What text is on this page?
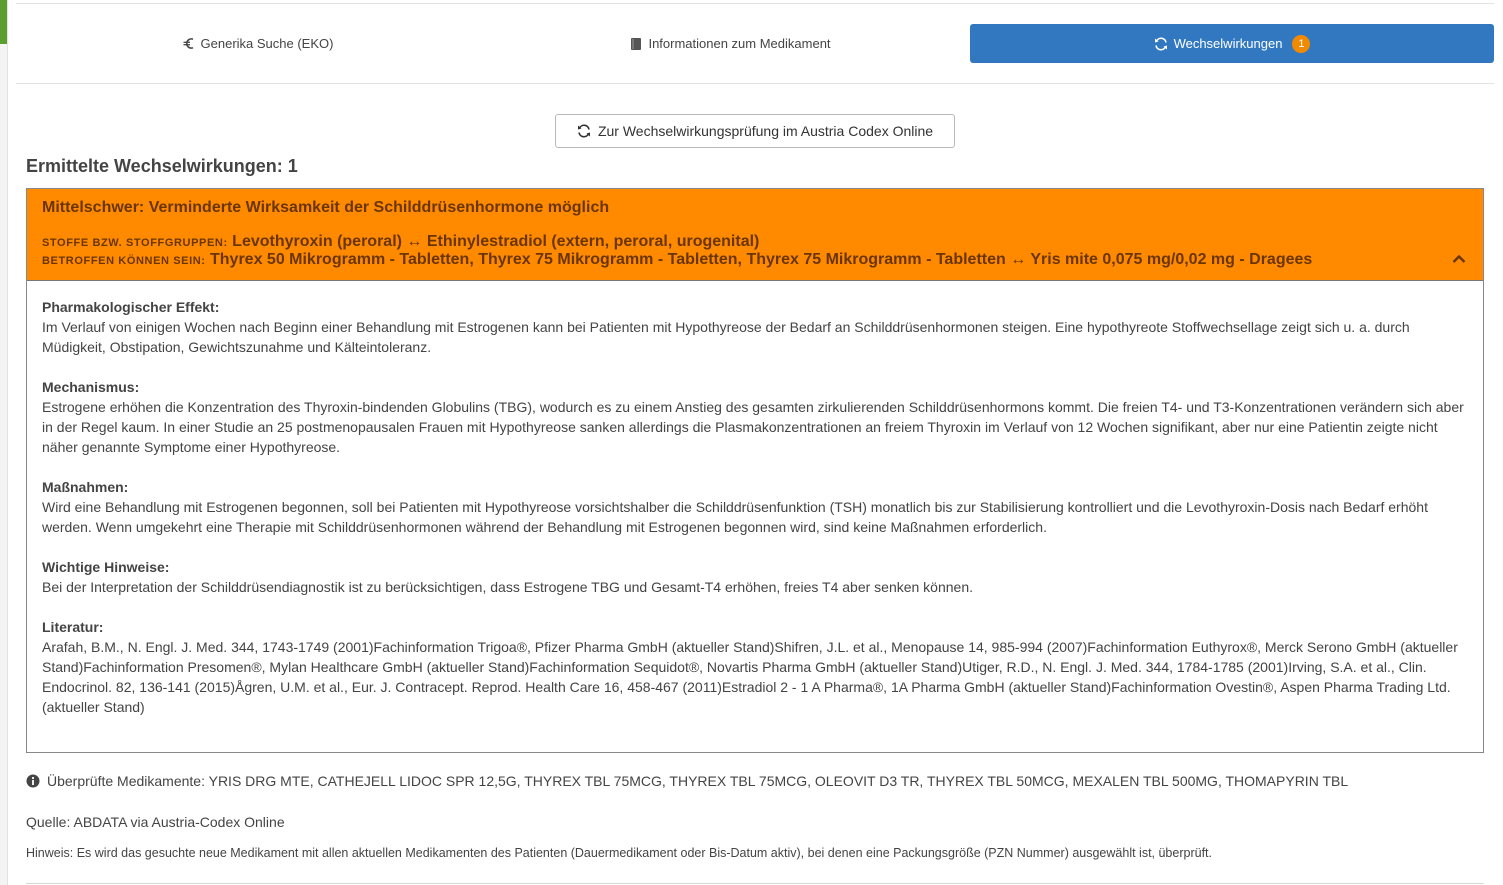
Generika Suche (EKO)	Informationen zum Medikament	Wechselwirkungen	1
Zur Wechselwirkungsprüfung im Austria Codex Online
Ermittelte Wechselwirkungen: 1
Mittelschwer: Verminderte Wirksamkeit der Schilddrüsenhormone möglich
STOFFE BZW. STOFFGRUPPEN: Levothyroxin (peroral) ↔ Ethinylestradiol (extern, peroral, urogenital)
BETROFFEN KÖNNEN SEIN: Thyrex 50 Mikrogramm - Tabletten, Thyrex 75 Mikrogramm - Tabletten, Thyrex 75 Mikrogramm - Tabletten ↔ Yris mite 0,075 mg/0,02 mg - Dragees
Pharmakologischer Effekt:
Im Verlauf von einigen Wochen nach Beginn einer Behandlung mit Estrogenen kann bei Patienten mit Hypothyreose der Bedarf an Schilddrüsenhormonen steigen. Eine hypothyreote Stoffwechsellage zeigt sich u. a. durch Müdigkeit, Obstipation, Gewichtszunahme und Kälteintoleranz.
Mechanismus:
Estrogene erhöhen die Konzentration des Thyroxin-bindenden Globulins (TBG), wodurch es zu einem Anstieg des gesamten zirkulierenden Schilddrüsenhormons kommt. Die freien T4- und T3-Konzentrationen verändern sich aber in der Regel kaum. In einer Studie an 25 postmenopausalen Frauen mit Hypothyreose sanken allerdings die Plasmakonzentrationen an freiem Thyroxin im Verlauf von 12 Wochen signifikant, aber nur eine Patientin zeigte nicht näher genannte Symptome einer Hypothyreose.
Maßnahmen:
Wird eine Behandlung mit Estrogenen begonnen, soll bei Patienten mit Hypothyreose vorsichtshalber die Schilddrüsenfunktion (TSH) monatlich bis zur Stabilisierung kontrolliert und die Levothyroxin-Dosis nach Bedarf erhöht werden. Wenn umgekehrt eine Therapie mit Schilddrüsenhormonen während der Behandlung mit Estrogenen begonnen wird, sind keine Maßnahmen erforderlich.
Wichtige Hinweise:
Bei der Interpretation der Schilddrüsendiagnostik ist zu berücksichtigen, dass Estrogene TBG und Gesamt-T4 erhöhen, freies T4 aber senken können.
Literatur:
Arafah, B.M., N. Engl. J. Med. 344, 1743-1749 (2001)Fachinformation Trigoa®, Pfizer Pharma GmbH (aktueller Stand)Shifren, J.L. et al., Menopause 14, 985-994 (2007)Fachinformation Euthyrox®, Merck Serono GmbH (aktueller Stand)Fachinformation Presomen®, Mylan Healthcare GmbH (aktueller Stand)Fachinformation Sequidot®, Novartis Pharma GmbH (aktueller Stand)Utiger, R.D., N. Engl. J. Med. 344, 1784-1785 (2001)Irving, S.A. et al., Clin. Endocrinol. 82, 136-141 (2015)Ågren, U.M. et al., Eur. J. Contracept. Reprod. Health Care 16, 458-467 (2011)Estradiol 2 - 1 A Pharma®, 1A Pharma GmbH (aktueller Stand)Fachinformation Ovestin®, Aspen Pharma Trading Ltd. (aktueller Stand)
Überprüfte Medikamente: YRIS DRG MTE, CATHEJELL LIDOC SPR 12,5G, THYREX TBL 75MCG, THYREX TBL 75MCG, OLEOVIT D3 TR, THYREX TBL 50MCG, MEXALEN TBL 500MG, THOMAPYRIN TBL
Quelle: ABDATA via Austria-Codex Online
Hinweis: Es wird das gesuchte neue Medikament mit allen aktuellen Medikamenten des Patienten (Dauermedikament oder Bis-Datum aktiv), bei denen eine Packungsgröße (PZN Nummer) ausgewählt ist, überprüft.
